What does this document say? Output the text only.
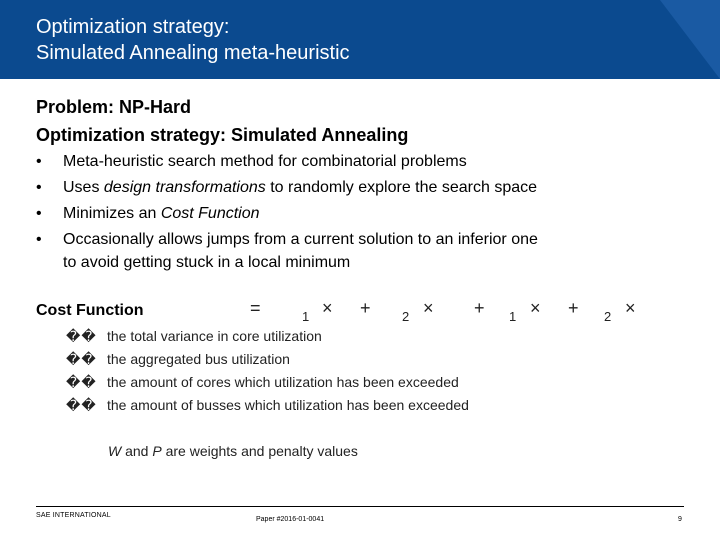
Optimization strategy:
Simulated Annealing meta-heuristic
Problem: NP-Hard
Optimization strategy: Simulated Annealing
• Meta-heuristic search method for combinatorial problems
• Uses design transformations to randomly explore the search space
• Minimizes an Cost Function
• Occasionally allows jumps from a current solution to an inferior one
to avoid getting stuck in a local minimum
Cost Function	=	1 × + 2 × + 1 × + 2 ×
�� the total variance in core utilization
�� the aggregated bus utilization
�� the amount of cores which utilization has been exceeded
�� the amount of busses which utilization has been exceeded
W and P are weights and penalty values
SAE INTERNATIONAL
Paper #2016-01-0041	9
